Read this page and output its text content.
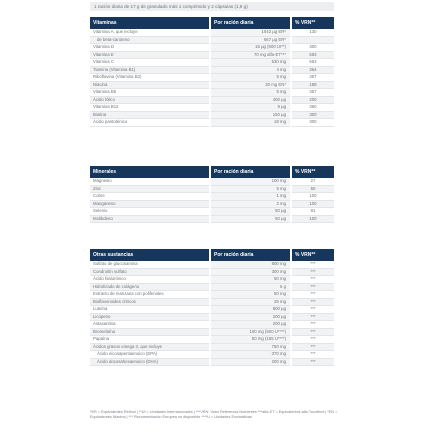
1 ración diaria de 17 g de granulado más 1 comprimido y 2 cápsulas (1,9 g)
Vitaminas	Por ración diaria	% VRN**
Vitamina A, que incluye	1042 µg ER*	130
de beta-caroteno	667 µg ER*	
Vitamina D	15 µg (600 UI**)	300
Vitamina E	70 mg alfa-ET***	583
Vitamina C	530 mg	663
Tiamina (Vitamina B1)	4 mg	364
Riboflavina (Vitamina B2)	5 mg	357
Niacina	30 mg EN*	188
Vitamina B6	5 mg	357
Ácido fólico	400 µg	200
Vitamina B12	9 µg	360
Biotina	150 µg	300
Ácido pantoténico	18 mg	300
Minerales	Por ración diaria	% VRN**
Magnesio	100 mg	27
Zinc	5 mg	50
Cobre	1 mg	100
Manganeso	2 mg	100
Selenio	50 µg	91
Molibdeno	50 µg	100
Otras sustancias	Por ración diaria	% VRN**
Sulfato de glucosamina	800 mg	***
Condroitín sulfato	300 mg	***
Ácido hialurónico	50 mg	***
Hidrolizado de colágeno	5 g	***
Extracto de manzana con polifenoles	50 mg	***
Bioflavonoides cítricos	25 mg	***
Luteína	800 µg	***
Licopeno	200 µg	***
Astaxantina	200 µg	***
Bromelaína	100 mg (500 U****)	***
Papaína	50 mg (185 U****)	***
Ácidos grasos omega 3, que incluye	750 mg	***
Ácido eicosapentaenoico (EPA)	370 mg	***
Ácido docosahexaenoico (DHA)	200 mg	***
*ER = Equivalentes Retinol | **UI = Unidades Internacionales | ***VRN: Valor Referencia Nutrientes ***alfa-ET = Equivalentes alfa-Tocoferol | *EN = Equivalentes Niacina | *** Recomendación Europea no disponible ****U = Unidades Enzimáticas
